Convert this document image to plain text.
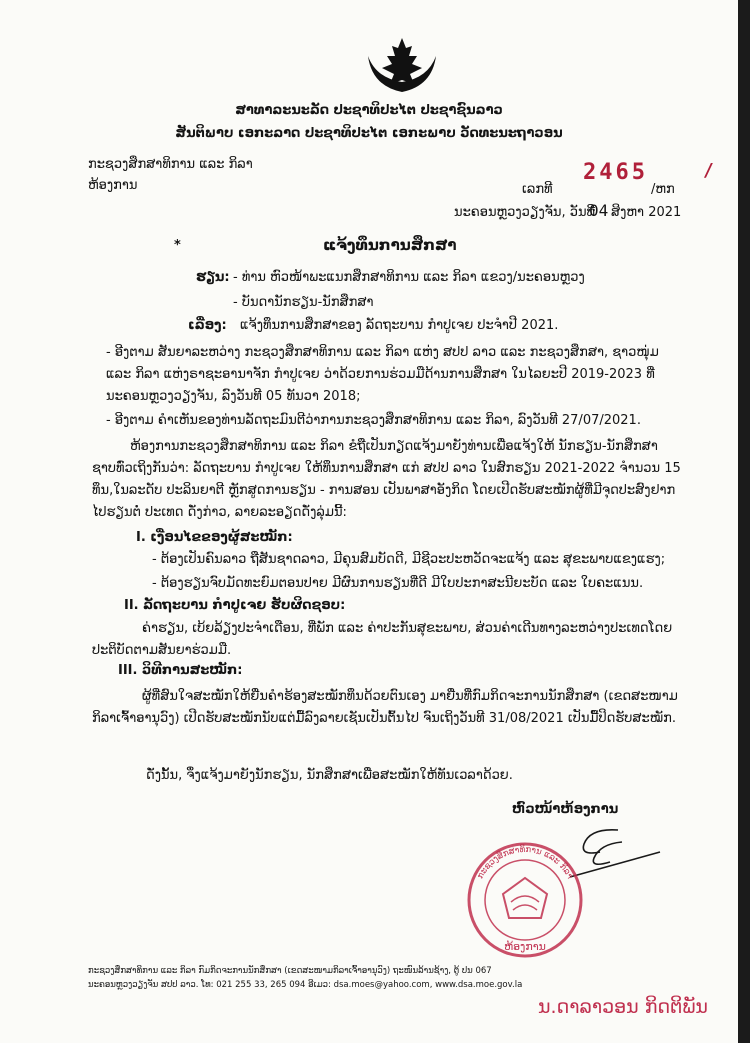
ສາທາລະນະລັດ ປະຊາທິປະໄຕ ປະຊາຊົນລາວ
ສັນຕິພາບ ເອກະລາດ ປະຊາທິປະໄຕ ເອກະພາບ ວັດທະນະຖາວອນ
ກະຊວງສຶກສາທິການ ແລະ ກິລາ
ຫ້ອງການ	ເລກທີ
2465
/ຫກ
/
ນະຄອນຫຼວງວຽງຈັນ, ວັນທີ
04 ສິງຫາ 2021
*	ແຈ້ງທຶນການສຶກສາ
ຮຽນ: - ທ່ານ ຫົວໜ້າພະແນກສຶກສາທິການ ແລະ ກິລາ ແຂວງ/ນະຄອນຫຼວງ
- ບັນດານັກຮຽນ-ນັກສຶກສາ
ເລື່ອງ: ແຈ້ງທຶນການສຶກສາຂອງ ລັດຖະບານ ກຳປູເຈຍ ປະຈຳປີ 2021.
- ອີງຕາມ ສັນຍາລະຫວ່າງ ກະຊວງສຶກສາທິການ ແລະ ກິລາ ແຫ່ງ ສປປ ລາວ ແລະ ກະຊວງສຶກສາ, ຊາວໜຸ່ມ ແລະ ກິລາ ແຫ່ງຣາຊະອານາຈັກ ກຳປູເຈຍ ວ່າດ້ວຍການຮ່ວມມືດ້ານການສຶກສາ ໃນໄລຍະປີ 2019-2023 ທີ່ ນະຄອນຫຼວງວຽງຈັນ, ລົງວັນທີ 05 ທັນວາ 2018;
- ອີງຕາມ ຄຳເຫັນຂອງທ່ານລັດຖະມົນຕີວ່າການກະຊວງສຶກສາທິການ ແລະ ກິລາ, ລົງວັນທີ 27/07/2021.
ຫ້ອງການກະຊວງສຶກສາທິການ ແລະ ກິລາ ຂໍຖືເປັນກຽດແຈ້ງມາຍັງທ່ານເພື່ອແຈ້ງໃຫ້ ນັກຮຽນ-ນັກສຶກສາ ຊາບທົ່ວເຖິງກັນວ່າ: ລັດຖະບານ ກຳປູເຈຍ ໃຫ້ທຶນການສຶກສາ ແກ່ ສປປ ລາວ ໃນສົກຮຽນ 2021-2022 ຈຳນວນ 15 ທຶນ,ໃນລະດັບ ປະລິນຍາຕີ ຫຼັກສູດການຮຽນ - ການສອນ ເປັນພາສາອັງກິດ ໂດຍເປີດຮັບສະໝັກຜູ້ທີ່ມີຈຸດປະສົງຢາກໄປຮຽນຕໍ່ ປະເທດ ດັ່ງກ່າວ, ລາຍລະອຽດດັ່ງລຸ່ມນີ້:
I. ເງື່ອນໄຂຂອງຜູ້ສະໝັກ:
- ຕ້ອງເປັນຄົນລາວ ຖືສັນຊາດລາວ, ມີຄຸນສົມບັດດີ, ມີຊີວະປະຫວັດຈະແຈ້ງ ແລະ ສຸຂະພາບແຂງແຮງ;
- ຕ້ອງຮຽນຈົບມັດທະຍົມຕອນປາຍ ມີຜົນການຮຽນທີ່ດີ ມີໃບປະກາສະນີຍະບັດ ແລະ ໃບຄະແນນ.
II. ລັດຖະບານ ກຳປູເຈຍ ຮັບຜິດຊອບ:
ຄ່າຮຽນ, ເບ້ຍລ້ຽງປະຈຳເດືອນ, ທີ່ພັກ ແລະ ຄ່າປະກັນສຸຂະພາບ, ສ່ວນຄ່າເດີນທາງລະຫວ່າງປະເທດໂດຍປະຕິບັດຕາມສັນຍາຮ່ວມມື.
III. ວິທີການສະໝັກ:
ຜູ້ທີ່ສົນໃຈສະໝັກໃຫ້ຍື່ນຄຳຮ້ອງສະໝັກທຶນດ້ວຍຕົນເອງ ມາຍື່ນທີ່ກົມກິດຈະການນັກສຶກສາ (ເຂດສະໜາມກິລາເຈົ້າອານຸວົງ) ເປີດຮັບສະໝັກນັບແຕ່ມື້ລົງລາຍເຊັນເປັນຕົ້ນໄປ ຈົນເຖິງວັນທີ 31/08/2021 ເປັນມື້ປິດຮັບສະໝັກ.
ດັ່ງນັ້ນ, ຈຶ່ງແຈ້ງມາຍັງນັກຮຽນ, ນັກສຶກສາເພື່ອສະໝັກໃຫ້ທັນເວລາດ້ວຍ.
ຫົວໜ້າຫ້ອງການ
ກະຊວງສຶກສາທິການ ແລະ ກິລາ
ຫ້ອງການ
ກະຊວງສຶກສາທິການ ແລະ ກິລາ ກົມກິດຈະການນັກສຶກສາ (ເຂດສະໜາມກິລາເຈົ້າອານຸວົງ) ຖະໜົນລ້ານຊ້າງ, ຕູ້ ປນ 067
ນະຄອນຫຼວງວຽງຈັນ ສປປ ລາວ. ໂທ: 021 255 33, 265 094 ອີເມວ: dsa.moes@yahoo.com, www.dsa.moe.gov.la
ນ.ດາລາວອນ ກິດຕິພັນ
